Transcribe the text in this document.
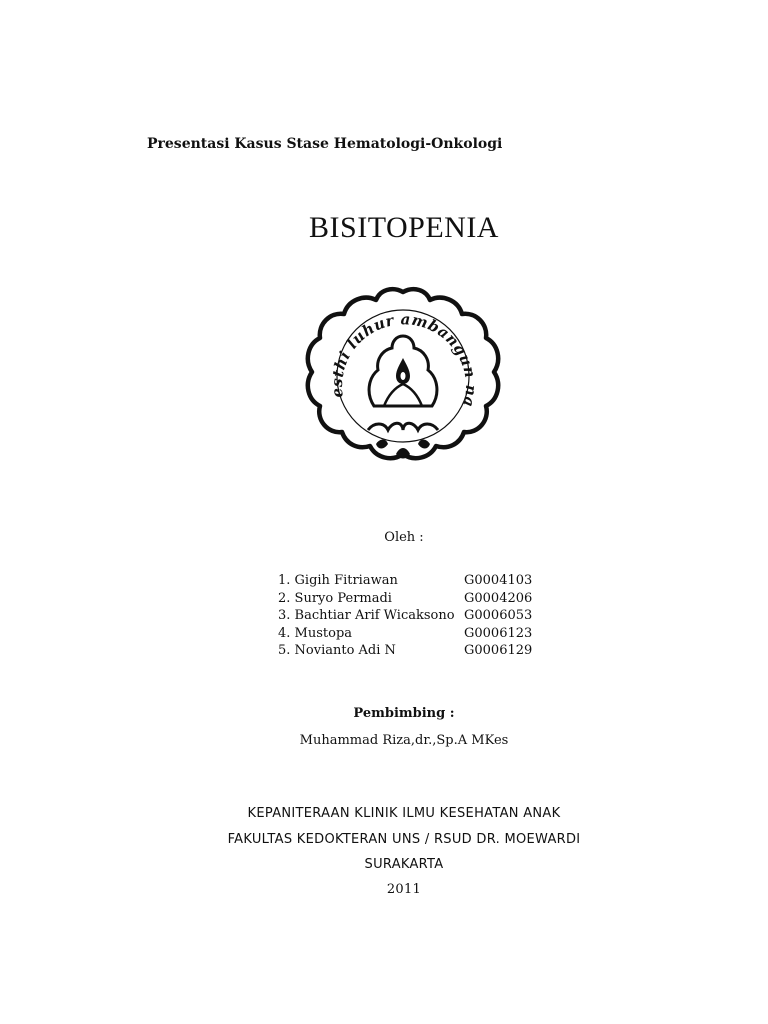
Presentasi Kasus Stase Hematologi-Onkologi
BISITOPENIA
esthi luhur ambangun na
Oleh :
1. Gigih Fitriawan	G0004103
2. Suryo Permadi	G0004206
3. Bachtiar Arif Wicaksono G0006053
4. Mustopa	G0006123
5. Novianto Adi N	G0006129
Pembimbing :
Muhammad Riza,dr.,Sp.A MKes
KEPANITERAAN KLINIK ILMU KESEHATAN ANAK
FAKULTAS KEDOKTERAN UNS / RSUD DR. MOEWARDI
SURAKARTA
2011
